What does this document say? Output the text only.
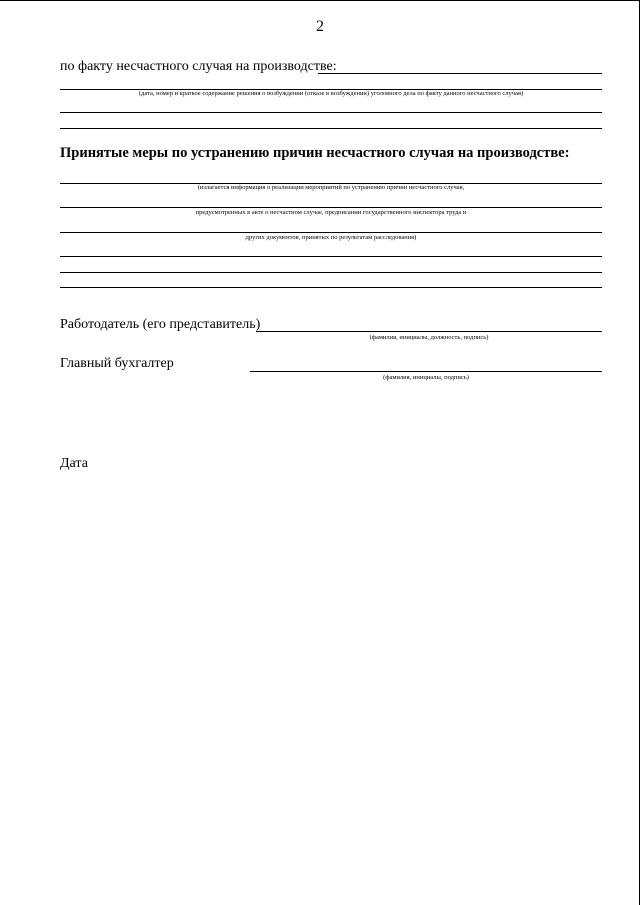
2
по факту несчастного случая на производстве:
(дата, номер и краткое содержание решения о возбуждении (отказе в возбуждении) уголовного дела по факту данного несчастного случая)
Принятые меры по устранению причин несчастного случая на производстве:
(излагается информация о реализации мероприятий по устранению причин несчастного случая,
предусмотренных в акте о несчастном случае, предписании государственного инспектора труда и
других документов, принятых по результатам расследования)
Работодатель (его представитель)
(фамилия, инициалы, должность, подпись)
Главный бухгалтер
(фамилия, инициалы, подпись)
Дата
